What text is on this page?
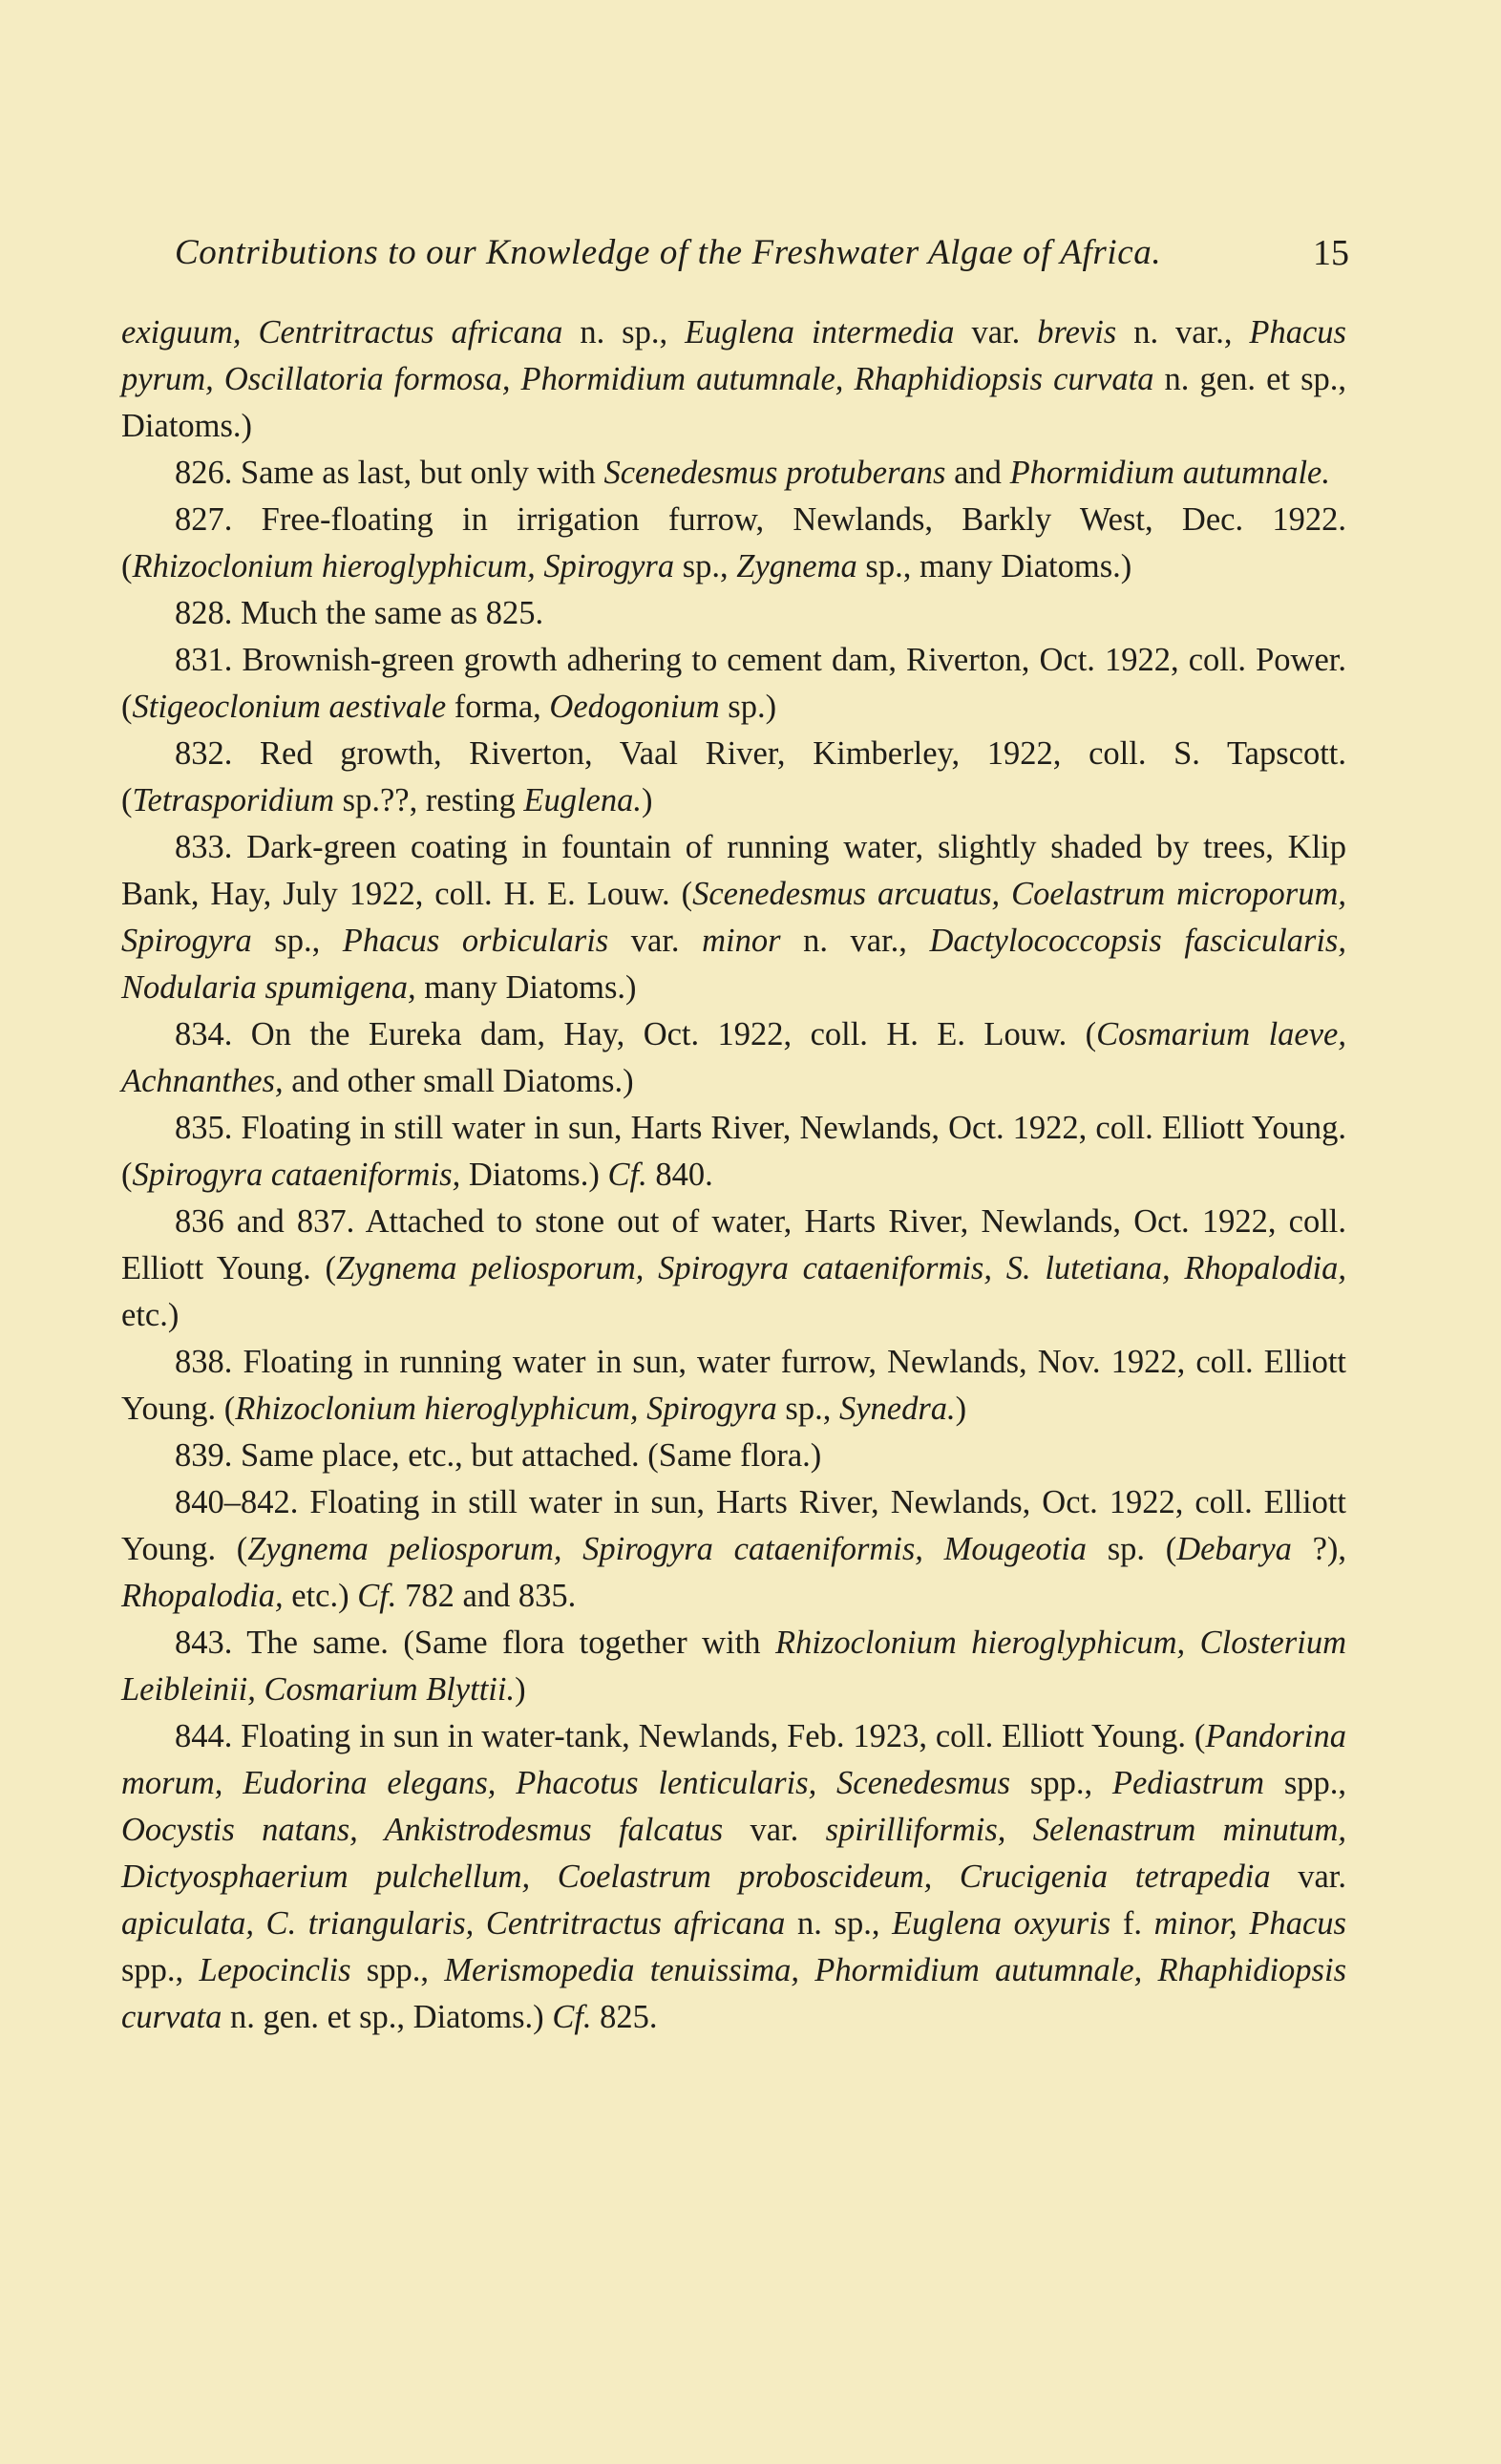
Contributions to our Knowledge of the Freshwater Algae of Africa.	15

exiguum, Centritractus africana n. sp., Euglena intermedia var. brevis n. var., Phacus pyrum, Oscillatoria formosa, Phormidium autumnale, Rhaphidiopsis curvata n. gen. et sp., Diatoms.)

826. Same as last, but only with Scenedesmus protuberans and Phormidium autumnale.

827. Free-floating in irrigation furrow, Newlands, Barkly West, Dec. 1922. (Rhizoclonium hieroglyphicum, Spirogyra sp., Zygnema sp., many Diatoms.)

828. Much the same as 825.

831. Brownish-green growth adhering to cement dam, Riverton, Oct. 1922, coll. Power. (Stigeoclonium aestivale forma, Oedogonium sp.)

832. Red growth, Riverton, Vaal River, Kimberley, 1922, coll. S. Tapscott. (Tetrasporidium sp.??, resting Euglena.)

833. Dark-green coating in fountain of running water, slightly shaded by trees, Klip Bank, Hay, July 1922, coll. H. E. Louw. (Scenedesmus arcuatus, Coelastrum microporum, Spirogyra sp., Phacus orbicularis var. minor n. var., Dactylococcopsis fascicularis, Nodularia spumigena, many Diatoms.)

834. On the Eureka dam, Hay, Oct. 1922, coll. H. E. Louw. (Cosmarium laeve, Achnanthes, and other small Diatoms.)

835. Floating in still water in sun, Harts River, Newlands, Oct. 1922, coll. Elliott Young. (Spirogyra cataeniformis, Diatoms.) Cf. 840.

836 and 837. Attached to stone out of water, Harts River, Newlands, Oct. 1922, coll. Elliott Young. (Zygnema peliosporum, Spirogyra cataeniformis, S. lutetiana, Rhopalodia, etc.)

838. Floating in running water in sun, water furrow, Newlands, Nov. 1922, coll. Elliott Young. (Rhizoclonium hieroglyphicum, Spirogyra sp., Synedra.)

839. Same place, etc., but attached. (Same flora.)

840–842. Floating in still water in sun, Harts River, Newlands, Oct. 1922, coll. Elliott Young. (Zygnema peliosporum, Spirogyra cataeniformis, Mougeotia sp. (Debarya ?), Rhopalodia, etc.) Cf. 782 and 835.

843. The same. (Same flora together with Rhizoclonium hieroglyphicum, Closterium Leibleinii, Cosmarium Blyttii.)

844. Floating in sun in water-tank, Newlands, Feb. 1923, coll. Elliott Young. (Pandorina morum, Eudorina elegans, Phacotus lenticularis, Scenedesmus spp., Pediastrum spp., Oocystis natans, Ankistrodesmus falcatus var. spirilliformis, Selenastrum minutum, Dictyosphaerium pulchellum, Coelastrum proboscideum, Crucigenia tetrapedia var. apiculata, C. triangularis, Centritractus africana n. sp., Euglena oxyuris f. minor, Phacus spp., Lepocinclis spp., Merismopedia tenuissima, Phormidium autumnale, Rhaphidiopsis curvata n. gen. et sp., Diatoms.) Cf. 825.
